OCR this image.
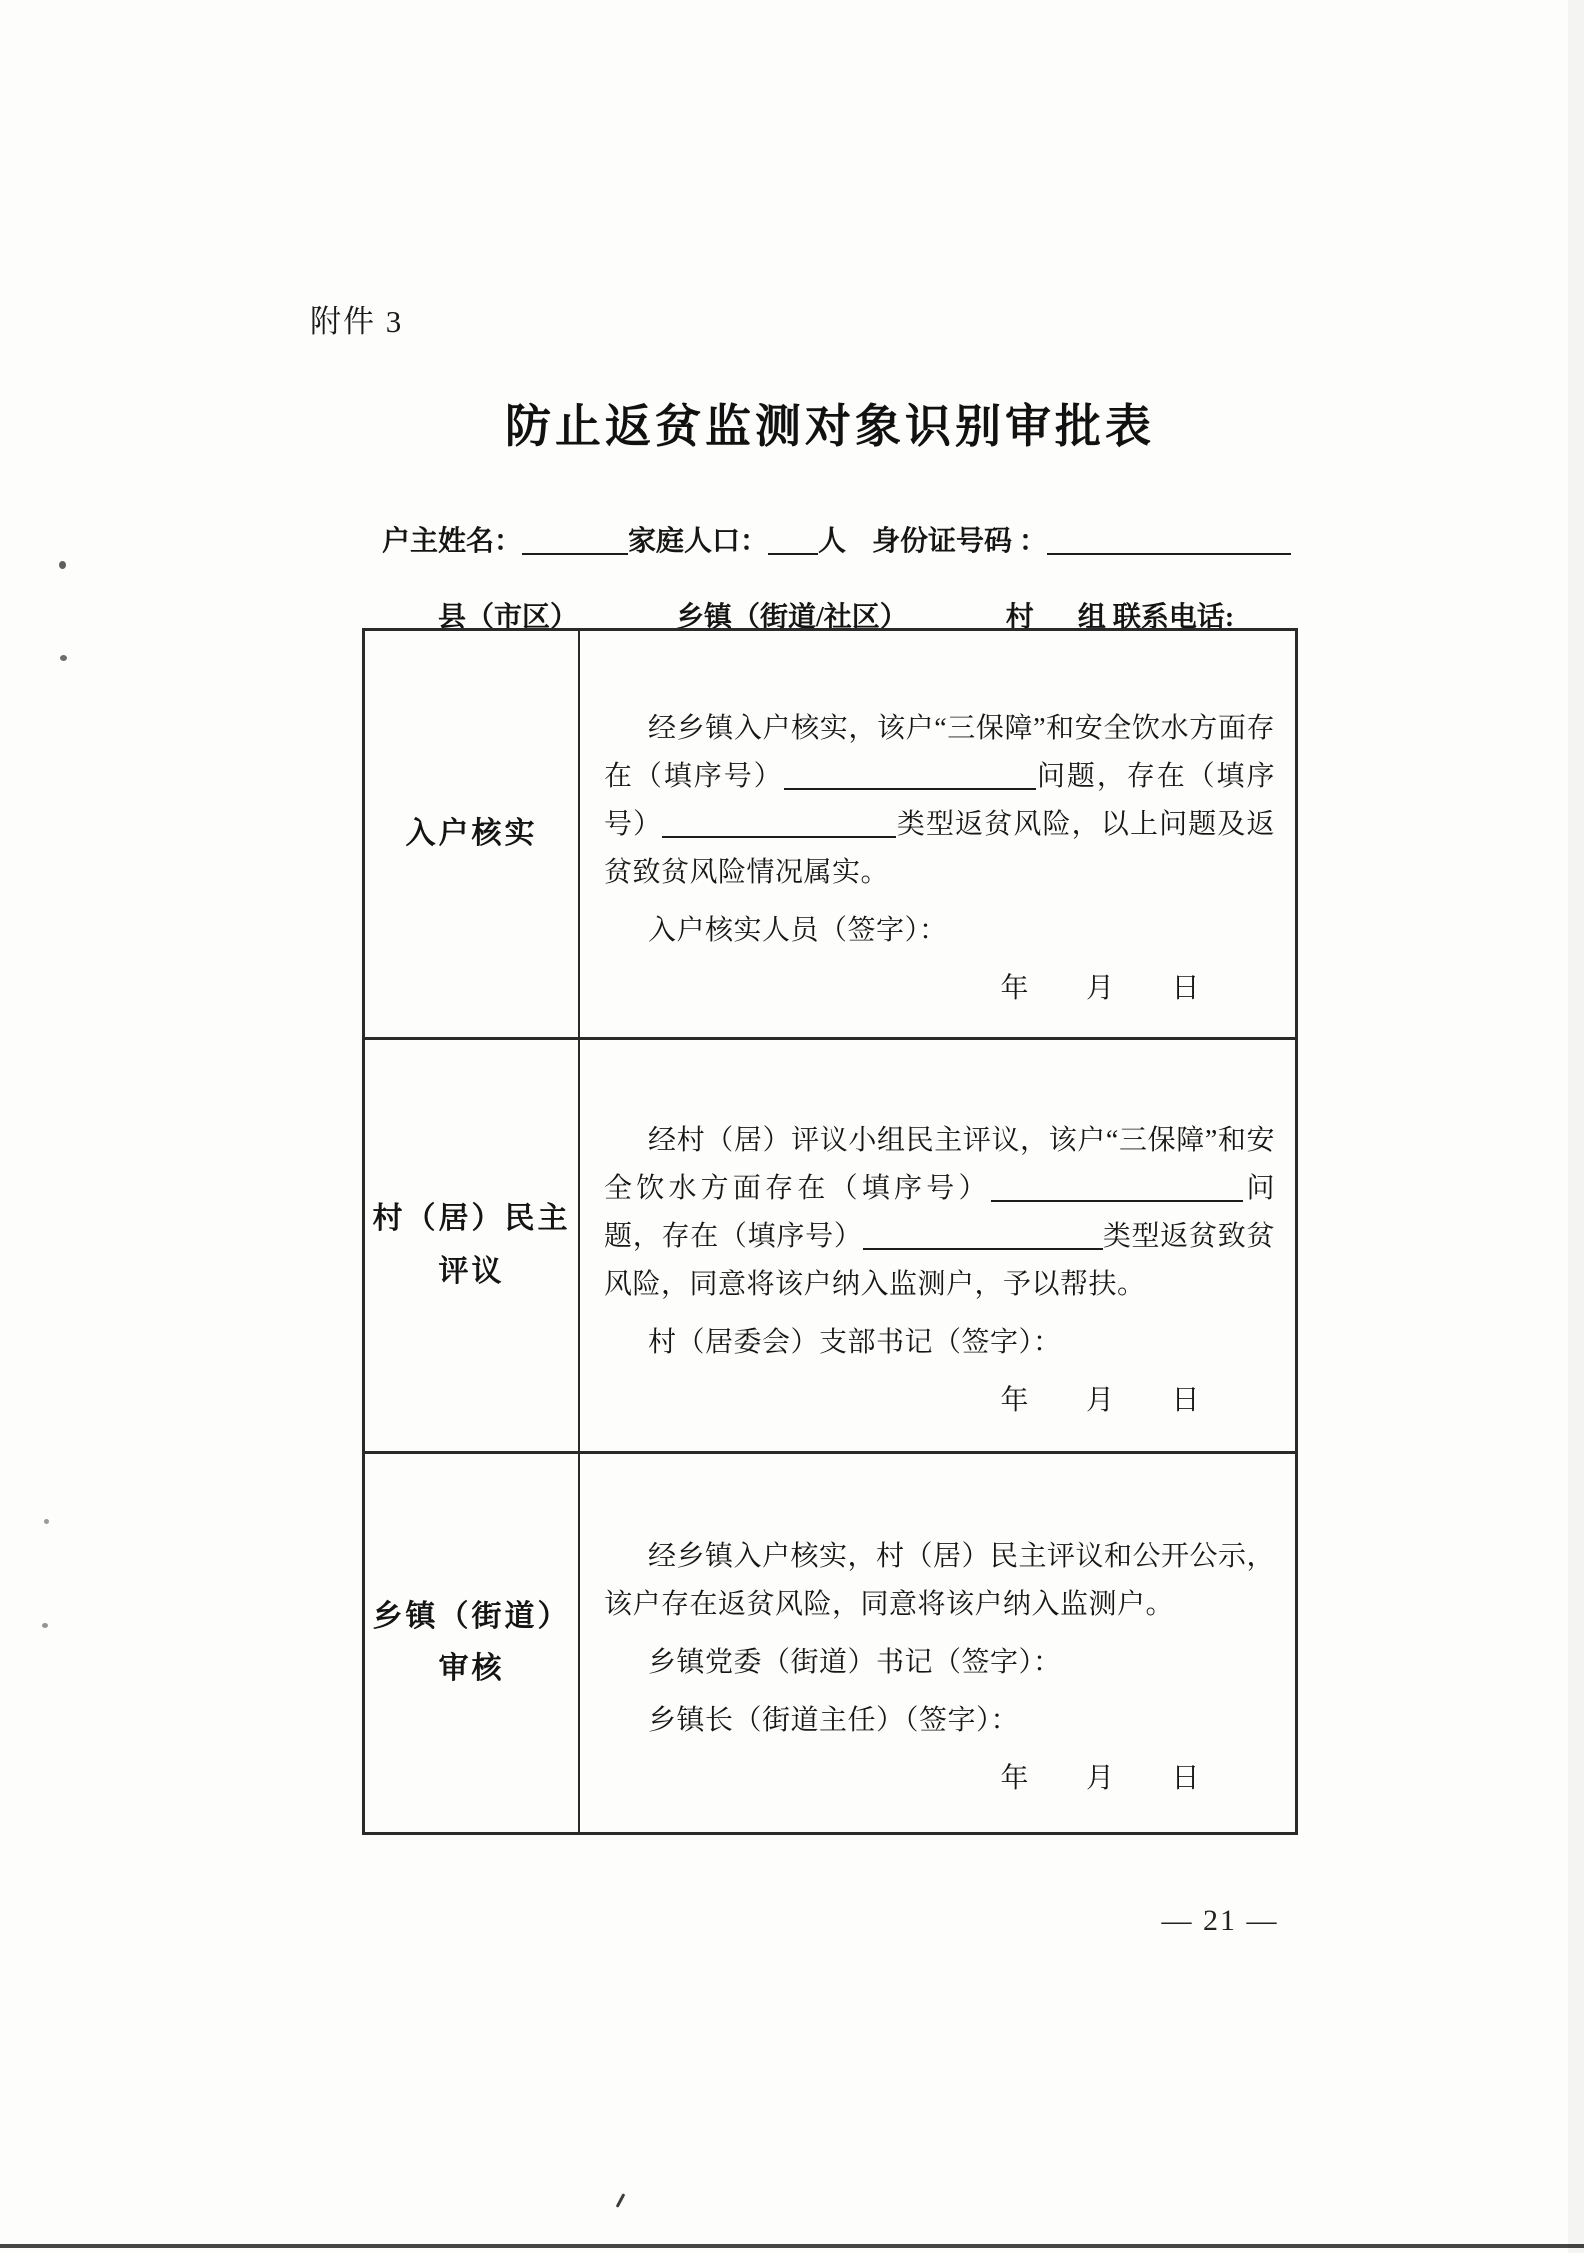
附件 3
防止返贫监测对象识别审批表
户主姓名：	家庭人口： 人 身份证号码 ：
县（市区）	乡镇（街道/社区）	村 组 联系电话:
入户核实

经乡镇入户核实，该户“三保障”和安全饮水方面存在（填序号）	问题，存在（填序号）	类型返贫风险，以上问题及返贫致贫风险情况属实。

入户核实人员（签字）：
年　　月　　日
村（居）民主
评议

经村（居）评议小组民主评议，该户“三保障”和安全饮水方面存在（填序号）	问题，存在（填序号）	类型返贫致贫风险，同意将该户纳入监测户，予以帮扶。

村（居委会）支部书记（签字）：
年　　月　　日
乡镇（街道）
审核

经乡镇入户核实，村（居）民主评议和公开公示，该户存在返贫风险，同意将该户纳入监测户。

乡镇党委（街道）书记（签字）：
乡镇长（街道主任）（签字）：
年　　月　　日
— 21 —
